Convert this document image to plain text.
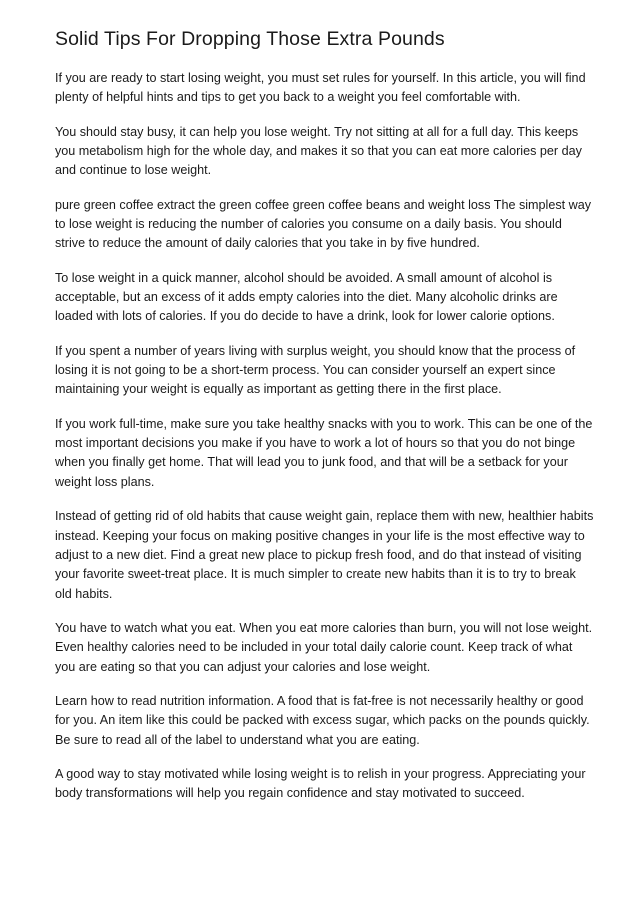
Solid Tips For Dropping Those Extra Pounds

If you are ready to start losing weight, you must set rules for yourself. In this article, you will find plenty of helpful hints and tips to get you back to a weight you feel comfortable with.

You should stay busy, it can help you lose weight. Try not sitting at all for a full day. This keeps you metabolism high for the whole day, and makes it so that you can eat more calories per day and continue to lose weight.

pure green coffee extract the green coffee green coffee beans and weight loss The simplest way to lose weight is reducing the number of calories you consume on a daily basis. You should strive to reduce the amount of daily calories that you take in by five hundred.

To lose weight in a quick manner, alcohol should be avoided. A small amount of alcohol is acceptable, but an excess of it adds empty calories into the diet. Many alcoholic drinks are loaded with lots of calories. If you do decide to have a drink, look for lower calorie options.

If you spent a number of years living with surplus weight, you should know that the process of losing it is not going to be a short-term process. You can consider yourself an expert since maintaining your weight is equally as important as getting there in the first place.

If you work full-time, make sure you take healthy snacks with you to work. This can be one of the most important decisions you make if you have to work a lot of hours so that you do not binge when you finally get home. That will lead you to junk food, and that will be a setback for your weight loss plans.

Instead of getting rid of old habits that cause weight gain, replace them with new, healthier habits instead. Keeping your focus on making positive changes in your life is the most effective way to adjust to a new diet. Find a great new place to pickup fresh food, and do that instead of visiting your favorite sweet-treat place. It is much simpler to create new habits than it is to try to break old habits.

You have to watch what you eat. When you eat more calories than burn, you will not lose weight. Even healthy calories need to be included in your total daily calorie count. Keep track of what you are eating so that you can adjust your calories and lose weight.

Learn how to read nutrition information. A food that is fat-free is not necessarily healthy or good for you. An item like this could be packed with excess sugar, which packs on the pounds quickly. Be sure to read all of the label to understand what you are eating.

A good way to stay motivated while losing weight is to relish in your progress. Appreciating your body transformations will help you regain confidence and stay motivated to succeed.
